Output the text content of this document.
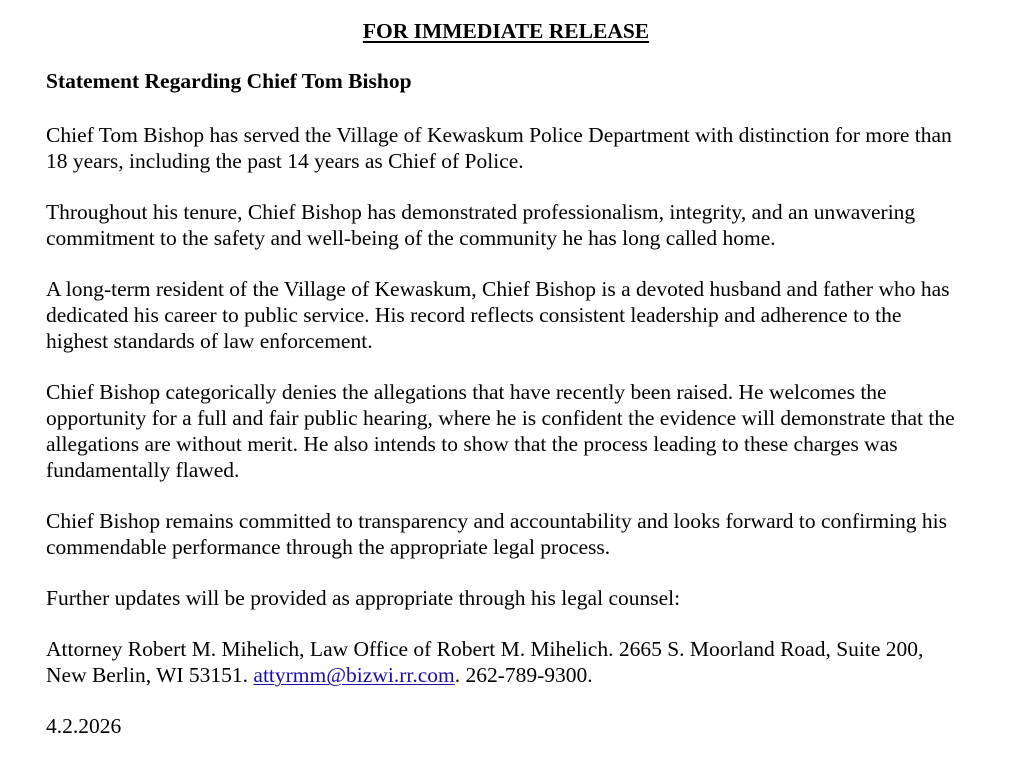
FOR IMMEDIATE RELEASE
Statement Regarding Chief Tom Bishop

Chief Tom Bishop has served the Village of Kewaskum Police Department with distinction for more than 18 years, including the past 14 years as Chief of Police.

Throughout his tenure, Chief Bishop has demonstrated professionalism, integrity, and an unwavering commitment to the safety and well-being of the community he has long called home.

A long-term resident of the Village of Kewaskum, Chief Bishop is a devoted husband and father who has dedicated his career to public service. His record reflects consistent leadership and adherence to the highest standards of law enforcement.

Chief Bishop categorically denies the allegations that have recently been raised. He welcomes the opportunity for a full and fair public hearing, where he is confident the evidence will demonstrate that the allegations are without merit. He also intends to show that the process leading to these charges was fundamentally flawed.

Chief Bishop remains committed to transparency and accountability and looks forward to confirming his commendable performance through the appropriate legal process.

Further updates will be provided as appropriate through his legal counsel:

Attorney Robert M. Mihelich, Law Office of Robert M. Mihelich. 2665 S. Moorland Road, Suite 200, New Berlin, WI 53151. attyrmm@bizwi.rr.com. 262-789-9300.

4.2.2026
